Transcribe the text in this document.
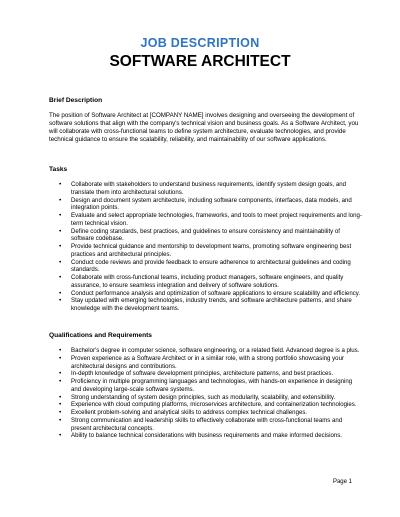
JOB DESCRIPTION
SOFTWARE ARCHITECT
Brief Description
The position of Software Architect at [COMPANY NAME] involves designing and overseeing the development of software solutions that align with the company's technical vision and business goals. As a Software Architect, you will collaborate with cross-functional teams to define system architecture, evaluate technologies, and provide technical guidance to ensure the scalability, reliability, and maintainability of our software applications.
Tasks
• Collaborate with stakeholders to understand business requirements, identify system design goals, and translate them into architectural solutions.
• Design and document system architecture, including software components, interfaces, data models, and integration points.
• Evaluate and select appropriate technologies, frameworks, and tools to meet project requirements and long-term technical vision.
• Define coding standards, best practices, and guidelines to ensure consistency and maintainability of software codebase.
• Provide technical guidance and mentorship to development teams, promoting software engineering best practices and architectural principles.
• Conduct code reviews and provide feedback to ensure adherence to architectural guidelines and coding standards.
• Collaborate with cross-functional teams, including product managers, software engineers, and quality assurance, to ensure seamless integration and delivery of software solutions.
• Conduct performance analysis and optimization of software applications to ensure scalability and efficiency.
• Stay updated with emerging technologies, industry trends, and software architecture patterns, and share knowledge with the development teams.
Qualifications and Requirements
• Bachelor's degree in computer science, software engineering, or a related field. Advanced degree is a plus.
• Proven experience as a Software Architect or in a similar role, with a strong portfolio showcasing your architectural designs and contributions.
• In-depth knowledge of software development principles, architecture patterns, and best practices.
• Proficiency in multiple programming languages and technologies, with hands-on experience in designing and developing large-scale software systems.
• Strong understanding of system design principles, such as modularity, scalability, and extensibility.
• Experience with cloud computing platforms, microservices architecture, and containerization technologies.
• Excellent problem-solving and analytical skills to address complex technical challenges.
• Strong communication and leadership skills to effectively collaborate with cross-functional teams and present architectural concepts.
• Ability to balance technical considerations with business requirements and make informed decisions.
Page 1
